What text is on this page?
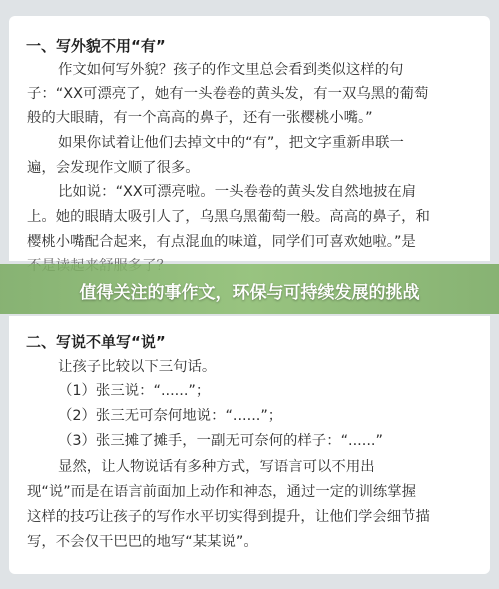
一、写外貌不用“有”
作文如何写外貌？孩子的作文里总会看到类似这样的句
子：“XX可漂亮了，她有一头卷卷的黄头发，有一双乌黑的葡萄
般的大眼睛，有一个高高的鼻子，还有一张樱桃小嘴。”
如果你试着让他们去掉文中的“有”，把文字重新串联一
遍，会发现作文顺了很多。
比如说：“XX可漂亮啦。一头卷卷的黄头发自然地披在肩
上。她的眼睛太吸引人了，乌黑乌黑葡萄一般。高高的鼻子，和
樱桃小嘴配合起来，有点混血的味道，同学们可喜欢她啦。”是
值得关注的事作文，环保与可持续发展的挑战
二、写说不单写“说”
让孩子比较以下三句话。
（1）张三说：“......”；
（2）张三无可奈何地说：“......”；
（3）张三摊了摊手，一副无可奈何的样子：“......”
显然，让人物说话有多种方式，写语言可以不用出
现“说”而是在语言前面加上动作和神态，通过一定的训练掌握
这样的技巧让孩子的写作水平切实得到提升，让他们学会细节描
写，不会仅干巴巴的地写“某某说”。
